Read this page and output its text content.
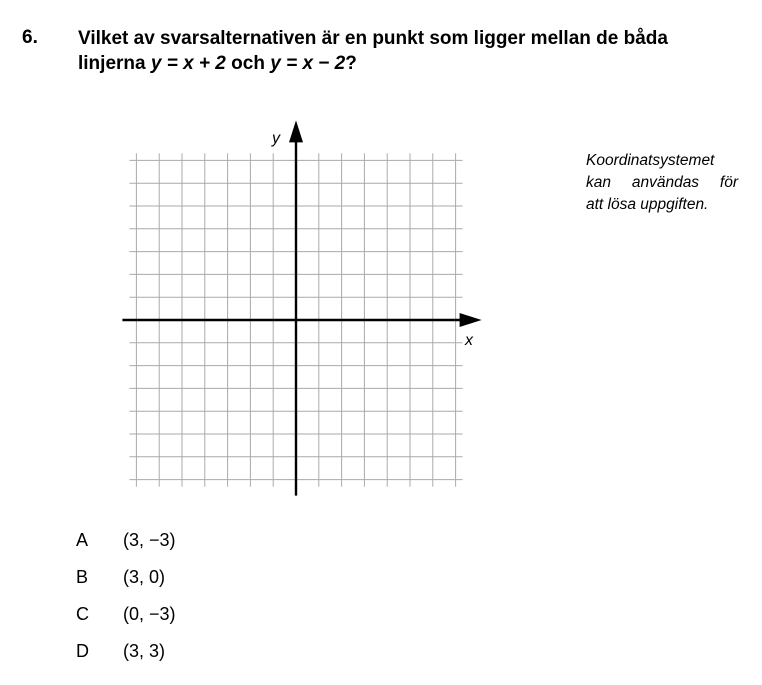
6. Vilket av svarsalternativen är en punkt som ligger mellan de båda
linjerna y = x + 2 och y = x − 2?
Koordinatsystemet
kan användas för
att lösa uppgiften.
x
y
A	(3, −3)
B	(3, 0)
C	(0, −3)
D	(3, 3)
